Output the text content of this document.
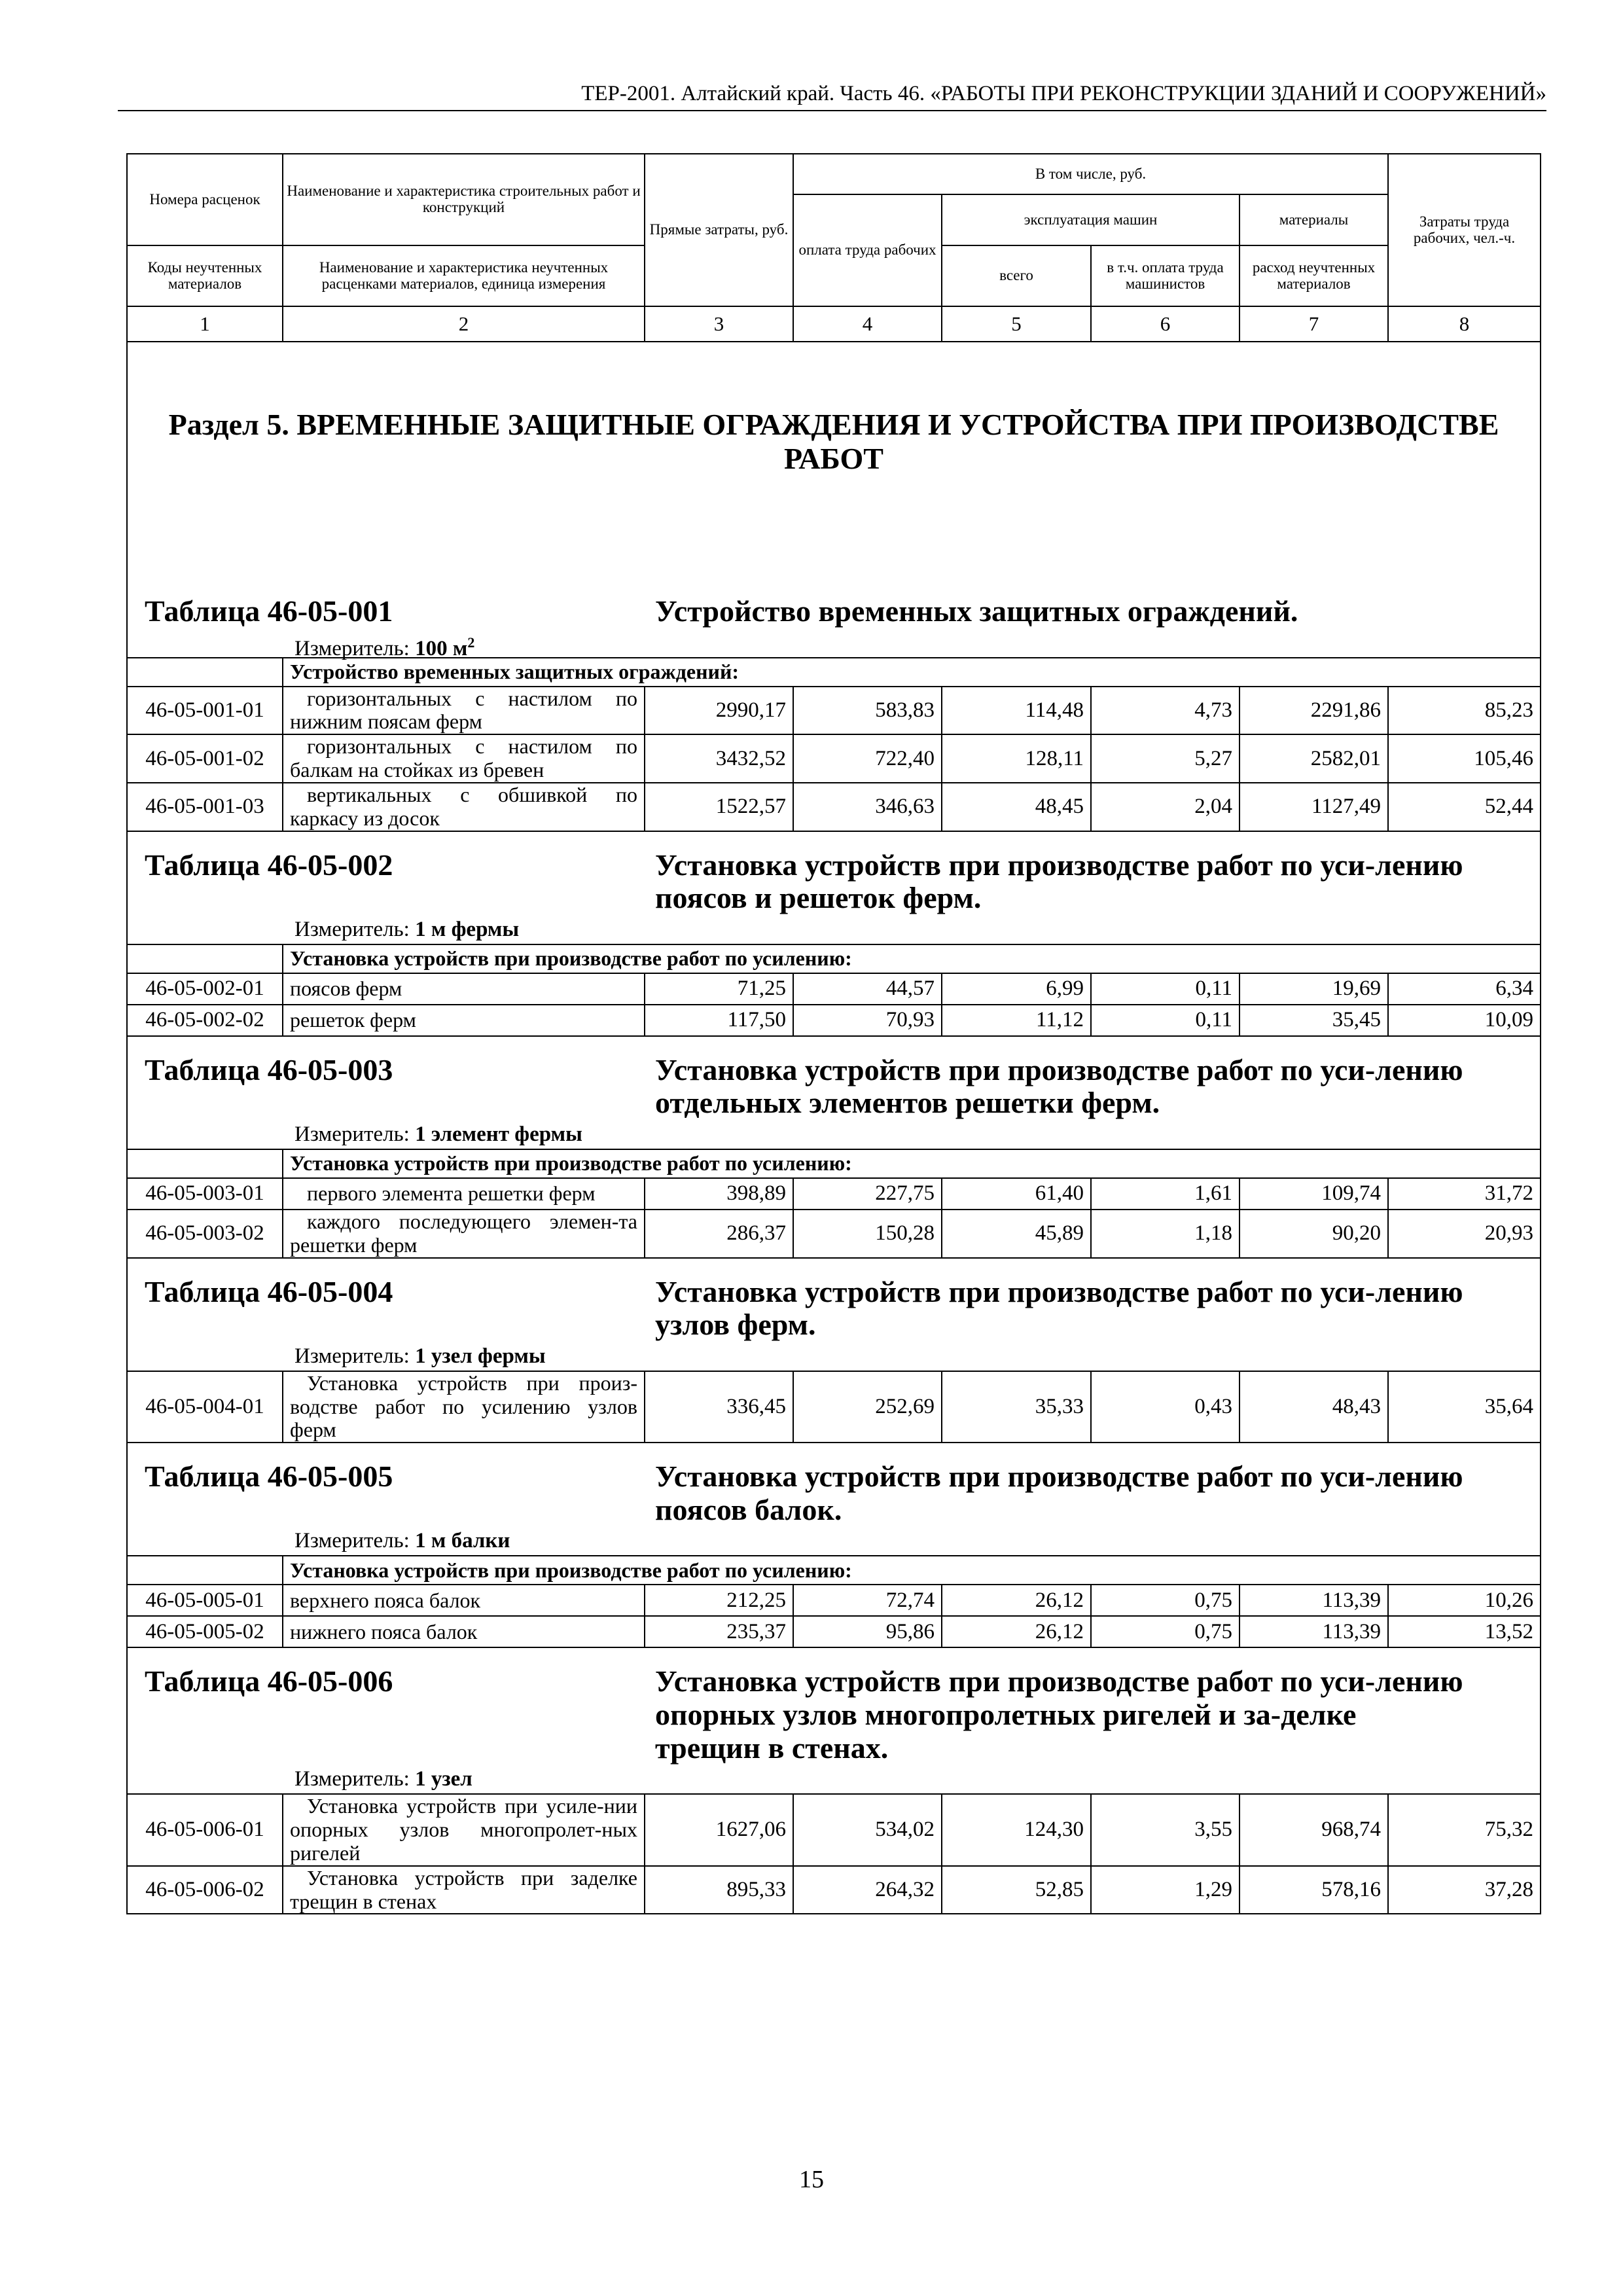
ТЕР-2001. Алтайский край. Часть 46. «РАБОТЫ ПРИ РЕКОНСТРУКЦИИ ЗДАНИЙ И СООРУЖЕНИЙ»
Номера расценок	Наименование и характеристика строительных работ и конструкций	Прямые затраты, руб.	В том числе, руб.				Затраты труда рабочих, чел.-ч.
			оплата труда рабочих	эксплуатация машин		материалы	
Коды неучтенных материалов	Наименование и характеристика неучтенных расценками материалов, единица измерения			всего	в т.ч. оплата труда машинистов	расход неучтенных материалов	
1	2	3	4	5	6	7	8

Раздел 5. ВРЕМЕННЫЕ ЗАЩИТНЫЕ ОГРАЖДЕНИЯ И УСТРОЙСТВА ПРИ ПРОИЗВОДСТВЕ РАБОТ							

Таблица 46-05-001 Устройство временных защитных ограждений.
Измеритель: 100 $м^2$

	Устройство временных защитных ограждений:						
46-05-001-01	горизонтальных с настилом по нижним поясам ферм	2990,17	583,83	114,48	4,73	2291,86	85,23
46-05-001-02	горизонтальных с настилом по балкам на стойках из бревен	3432,52	722,40	128,11	5,27	2582,01	105,46
46-05-001-03	вертикальных с обшивкой по каркасу из досок	1522,57	346,63	48,45	2,04	1127,49	52,44

Таблица 46-05-002 Установка устройств при производстве работ по уси-лению поясов и решеток ферм.
Измеритель: 1 м фермы							

	Установка устройств при производстве работ по усилению:						
46-05-002-01	поясов ферм	71,25	44,57	6,99	0,11	19,69	6,34
46-05-002-02	решеток ферм	117,50	70,93	11,12	0,11	35,45	10,09

Таблица 46-05-003 Установка устройств при производстве работ по уси-лению отдельных элементов решетки ферм.
Измеритель: 1 элемент фермы							

	Установка устройств при производстве работ по усилению:						
46-05-003-01	первого элемента решетки ферм	398,89	227,75	61,40	1,61	109,74	31,72
46-05-003-02	каждого последующего элемен-та решетки ферм	286,37	150,28	45,89	1,18	90,20	20,93

Таблица 46-05-004 Установка устройств при производстве работ по уси-лению узлов ферм.
Измеритель: 1 узел фермы							

46-05-004-01	Установка устройств при произ-водстве работ по усилению узлов ферм	336,45	252,69	35,33	0,43	48,43	35,64

Таблица 46-05-005 Установка устройств при производстве работ по уси-лению поясов балок.
Измеритель: 1 м балки							

	Установка устройств при производстве работ по усилению:						
46-05-005-01	верхнего пояса балок	212,25	72,74	26,12	0,75	113,39	10,26
46-05-005-02	нижнего пояса балок	235,37	95,86	26,12	0,75	113,39	13,52

Таблица 46-05-006 Установка устройств при производстве работ по уси-лению опорных узлов многопролетных ригелей и за-делке трещин в стенах.
Измеритель: 1 узел							

46-05-006-01	Установка устройств при усиле-нии опорных узлов многопролет-ных ригелей	1627,06	534,02	124,30	3,55	968,74	75,32
46-05-006-02	Установка устройств при заделке трещин в стенах	895,33	264,32	52,85	1,29	578,16	37,28
15
